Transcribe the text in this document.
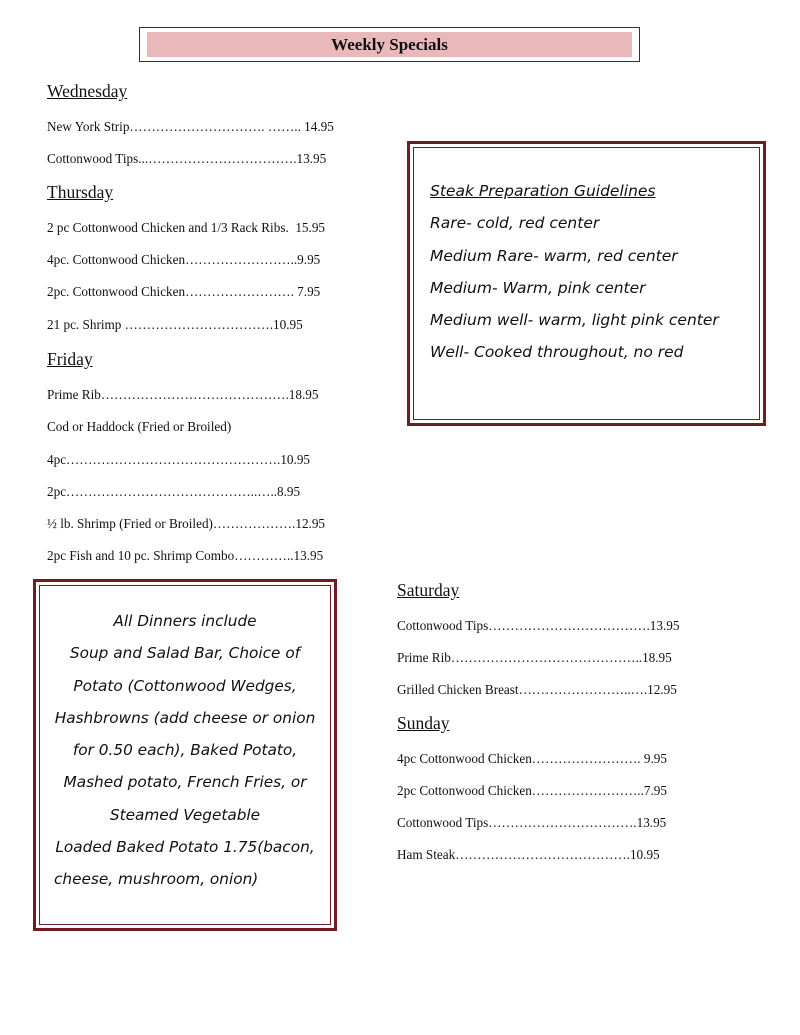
Weekly Specials
Wednesday
New York Strip…………………………. …….. 14.95
Cottonwood Tips...…………………………….13.95
Thursday
2 pc Cottonwood Chicken and 1/3 Rack Ribs.  15.95
4pc. Cottonwood Chicken……………………..9.95
2pc. Cottonwood Chicken……………………. 7.95
21 pc. Shrimp …………………………….10.95
Friday
Prime Rib…………………………………….18.95
Cod or Haddock (Fried or Broiled)
4pc………………………………………….10.95
2pc……………………………………..…..8.95
½ lb. Shrimp (Fried or Broiled)……………….12.95
2pc Fish and 10 pc. Shrimp Combo…………..13.95
Saturday
Cottonwood Tips……………………………….13.95
Prime Rib……………………………………..18.95
Grilled Chicken Breast……………………..….12.95
Sunday
4pc Cottonwood Chicken……………………. 9.95
2pc Cottonwood Chicken……………………..7.95
Cottonwood Tips…………………………….13.95
Ham Steak………………………………….10.95
Steak Preparation Guidelines
Rare- cold, red center
Medium Rare- warm, red center
Medium- Warm, pink center
Medium well- warm, light pink center
Well- Cooked throughout, no red
All Dinners include
Soup and Salad Bar, Choice of
Potato (Cottonwood Wedges,
Hashbrowns (add cheese or onion
for 0.50 each), Baked Potato,
Mashed potato, French Fries, or
Steamed Vegetable
Loaded Baked Potato 1.75(bacon,
cheese, mushroom, onion)
